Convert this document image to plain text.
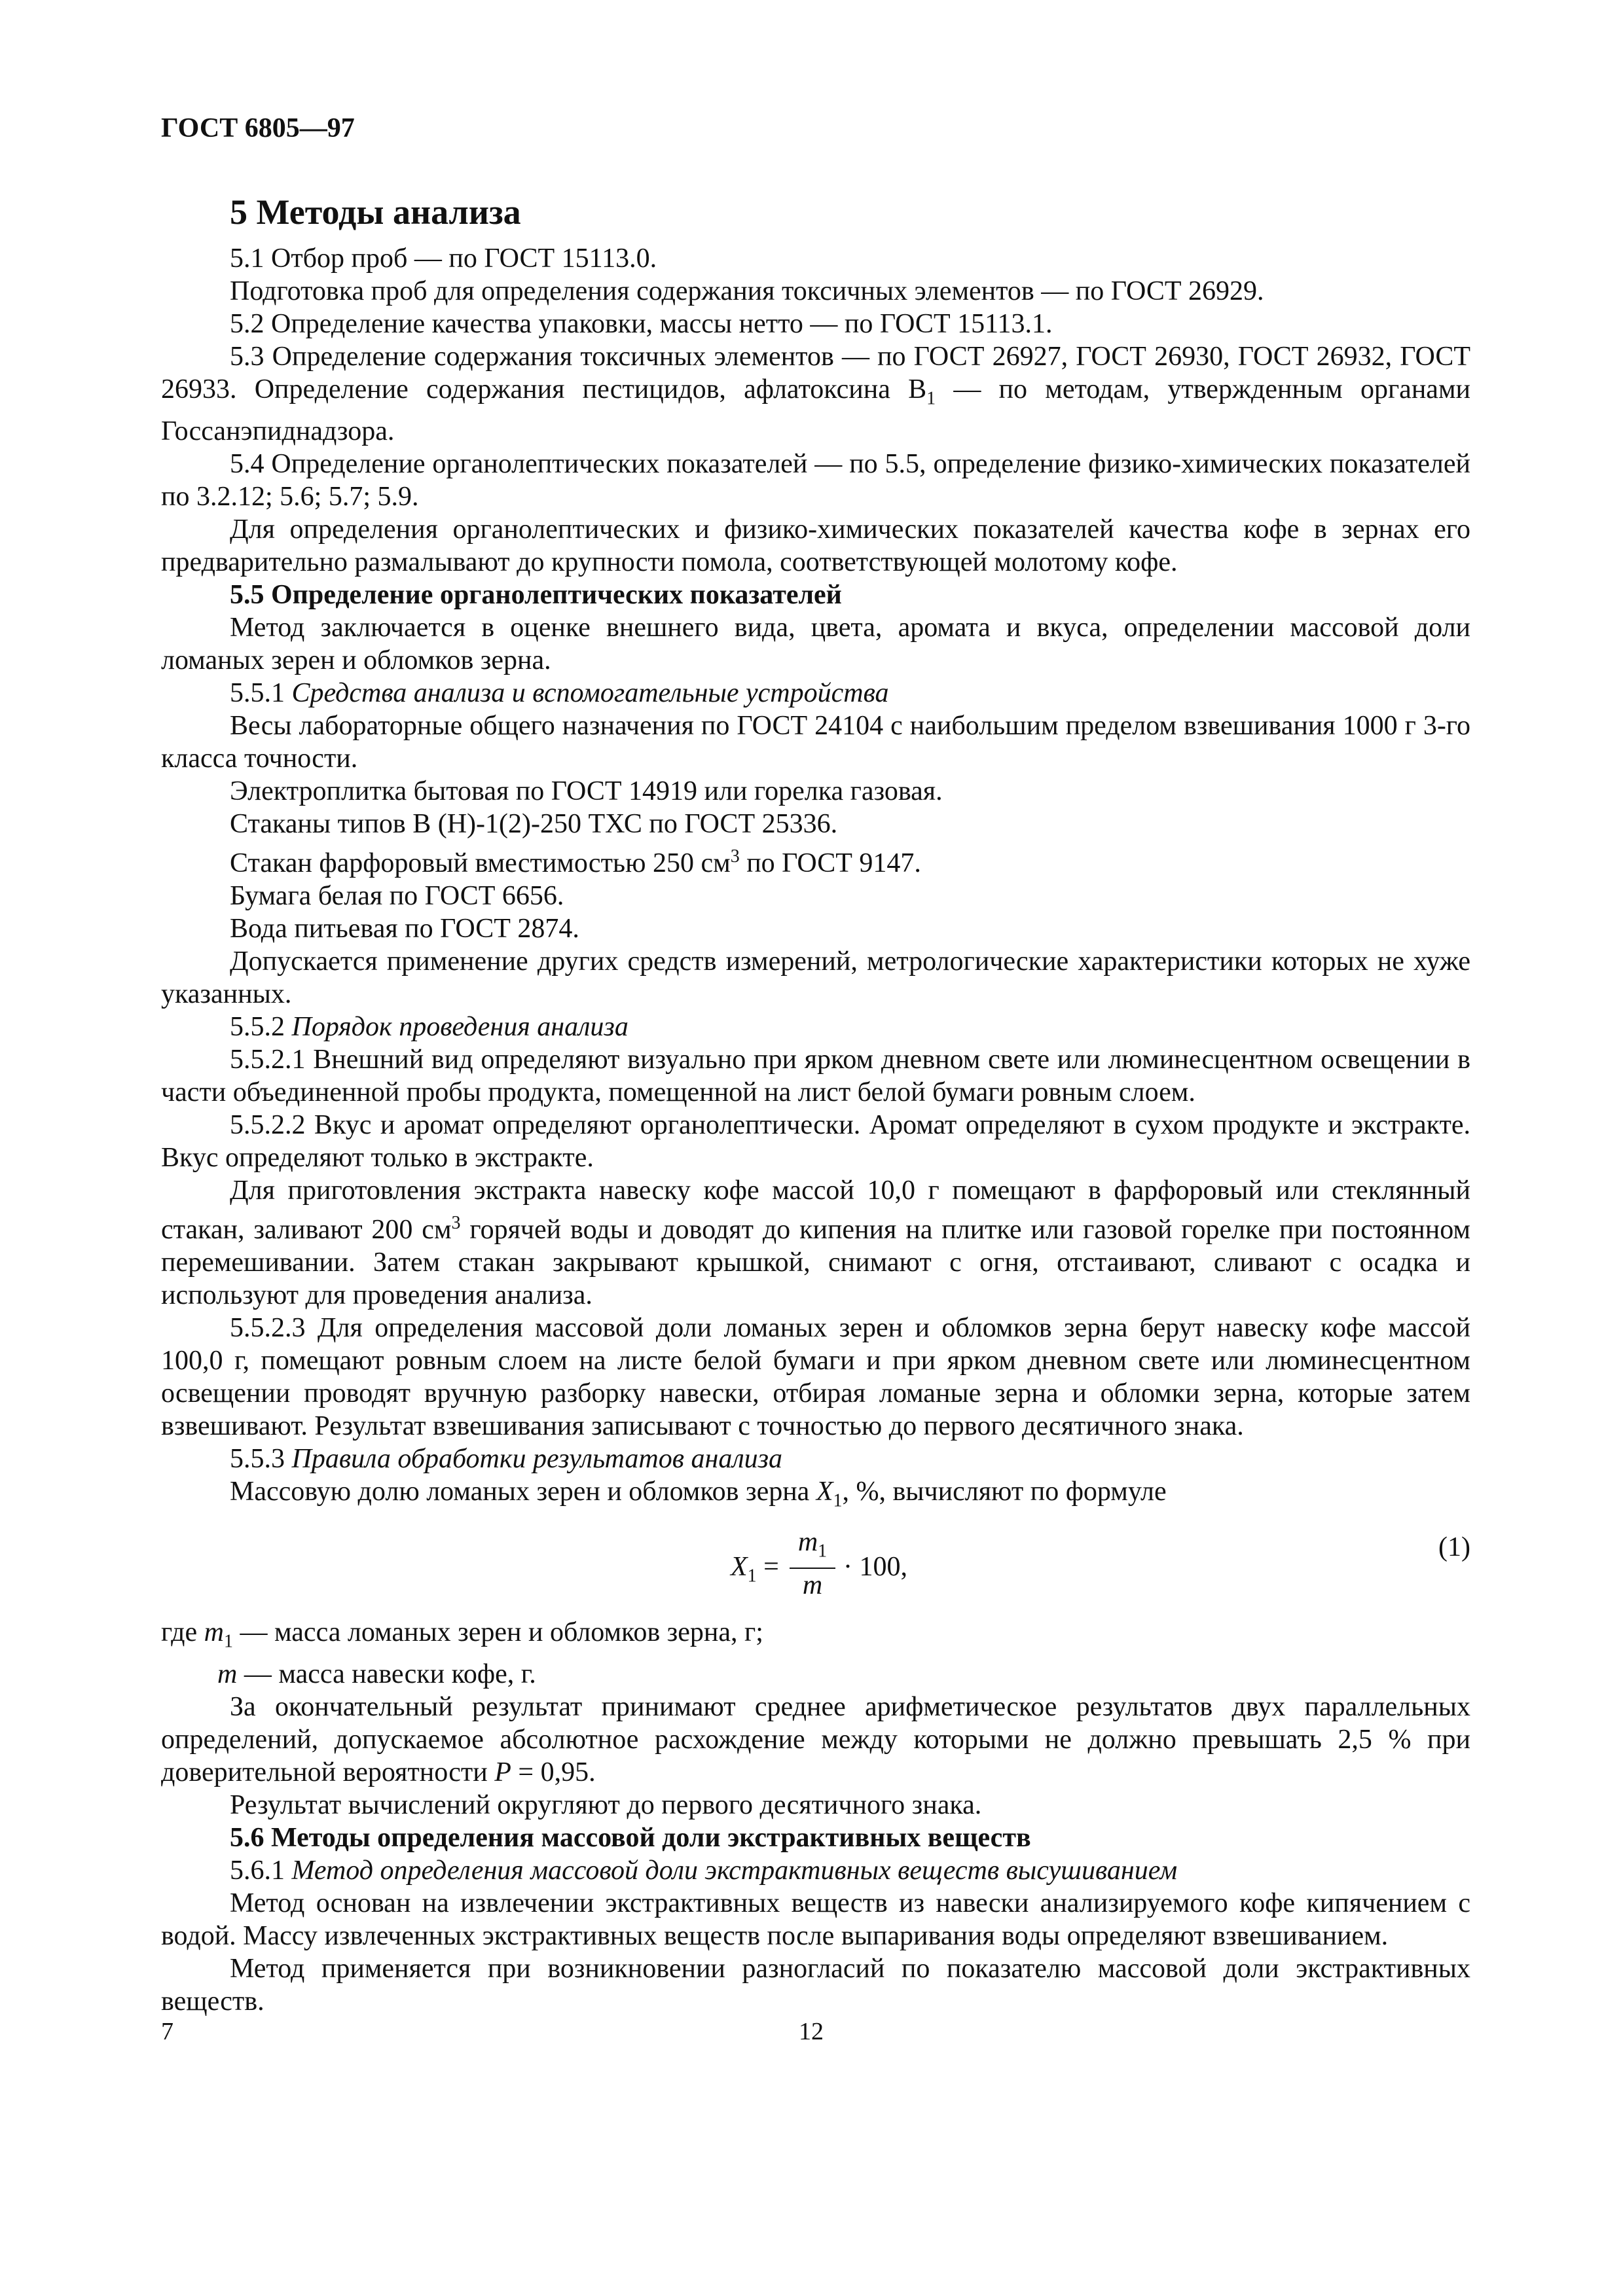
ГОСТ 6805—97
5 Методы анализа

5.1 Отбор проб — по ГОСТ 15113.0.

Подготовка проб для определения содержания токсичных элементов — по ГОСТ 26929.

5.2 Определение качества упаковки, массы нетто — по ГОСТ 15113.1.

5.3 Определение содержания токсичных элементов — по ГОСТ 26927, ГОСТ 26930, ГОСТ 26932, ГОСТ 26933. Определение содержания пестицидов, афлатоксина $B_1$ — по методам, утвержденным органами Госсанэпиднадзора.

5.4 Определение органолептических показателей — по 5.5, определение физико-химических показателей по 3.2.12; 5.6; 5.7; 5.9.

Для определения органолептических и физико-химических показателей качества кофе в зернах его предварительно размалывают до крупности помола, соответствующей молотому кофе.

5.5 Определение органолептических показателей

Метод заключается в оценке внешнего вида, цвета, аромата и вкуса, определении массовой доли ломаных зерен и обломков зерна.

5.5.1 Средства анализа и вспомогательные устройства

Весы лабораторные общего назначения по ГОСТ 24104 с наибольшим пределом взвешивания 1000 г 3-го класса точности.

Электроплитка бытовая по ГОСТ 14919 или горелка газовая.

Стаканы типов В (Н)-1(2)-250 ТХС по ГОСТ 25336.

Стакан фарфоровый вместимостью 250 $см^3$ по ГОСТ 9147.

Бумага белая по ГОСТ 6656.

Вода питьевая по ГОСТ 2874.

Допускается применение других средств измерений, метрологические характеристики которых не хуже указанных.

5.5.2 Порядок проведения анализа

5.5.2.1 Внешний вид определяют визуально при ярком дневном свете или люминесцентном освещении в части объединенной пробы продукта, помещенной на лист белой бумаги ровным слоем.

5.5.2.2 Вкус и аромат определяют органолептически. Аромат определяют в сухом продукте и экстракте. Вкус определяют только в экстракте.

Для приготовления экстракта навеску кофе массой 10,0 г помещают в фарфоровый или стеклянный стакан, заливают 200 $см^3$ горячей воды и доводят до кипения на плитке или газовой горелке при постоянном перемешивании. Затем стакан закрывают крышкой, снимают с огня, отстаивают, сливают с осадка и используют для проведения анализа.

5.5.2.3 Для определения массовой доли ломаных зерен и обломков зерна берут навеску кофе массой 100,0 г, помещают ровным слоем на листе белой бумаги и при ярком дневном свете или люминесцентном освещении проводят вручную разборку навески, отбирая ломаные зерна и обломки зерна, которые затем взвешивают. Результат взвешивания записывают с точностью до первого десятичного знака.

5.5.3 Правила обработки результатов анализа

Массовую долю ломаных зерен и обломков зерна $X_1$, %, вычисляют по формуле

$X_1 = \frac{m_1}{m} \cdot 100$,
(1)

где $m_1$ — масса ломаных зерен и обломков зерна, г;

m — масса навески кофе, г.

За окончательный результат принимают среднее арифметическое результатов двух параллельных определений, допускаемое абсолютное расхождение между которыми не должно превышать 2,5 % при доверительной вероятности P = 0,95.

Результат вычислений округляют до первого десятичного знака.

5.6 Методы определения массовой доли экстрактивных веществ

5.6.1 Метод определения массовой доли экстрактивных веществ высушиванием

Метод основан на извлечении экстрактивных веществ из навески анализируемого кофе кипячением с водой. Массу извлеченных экстрактивных веществ после выпаривания воды определяют взвешиванием.

Метод применяется при возникновении разногласий по показателю массовой доли экстрактивных веществ.

7	12
